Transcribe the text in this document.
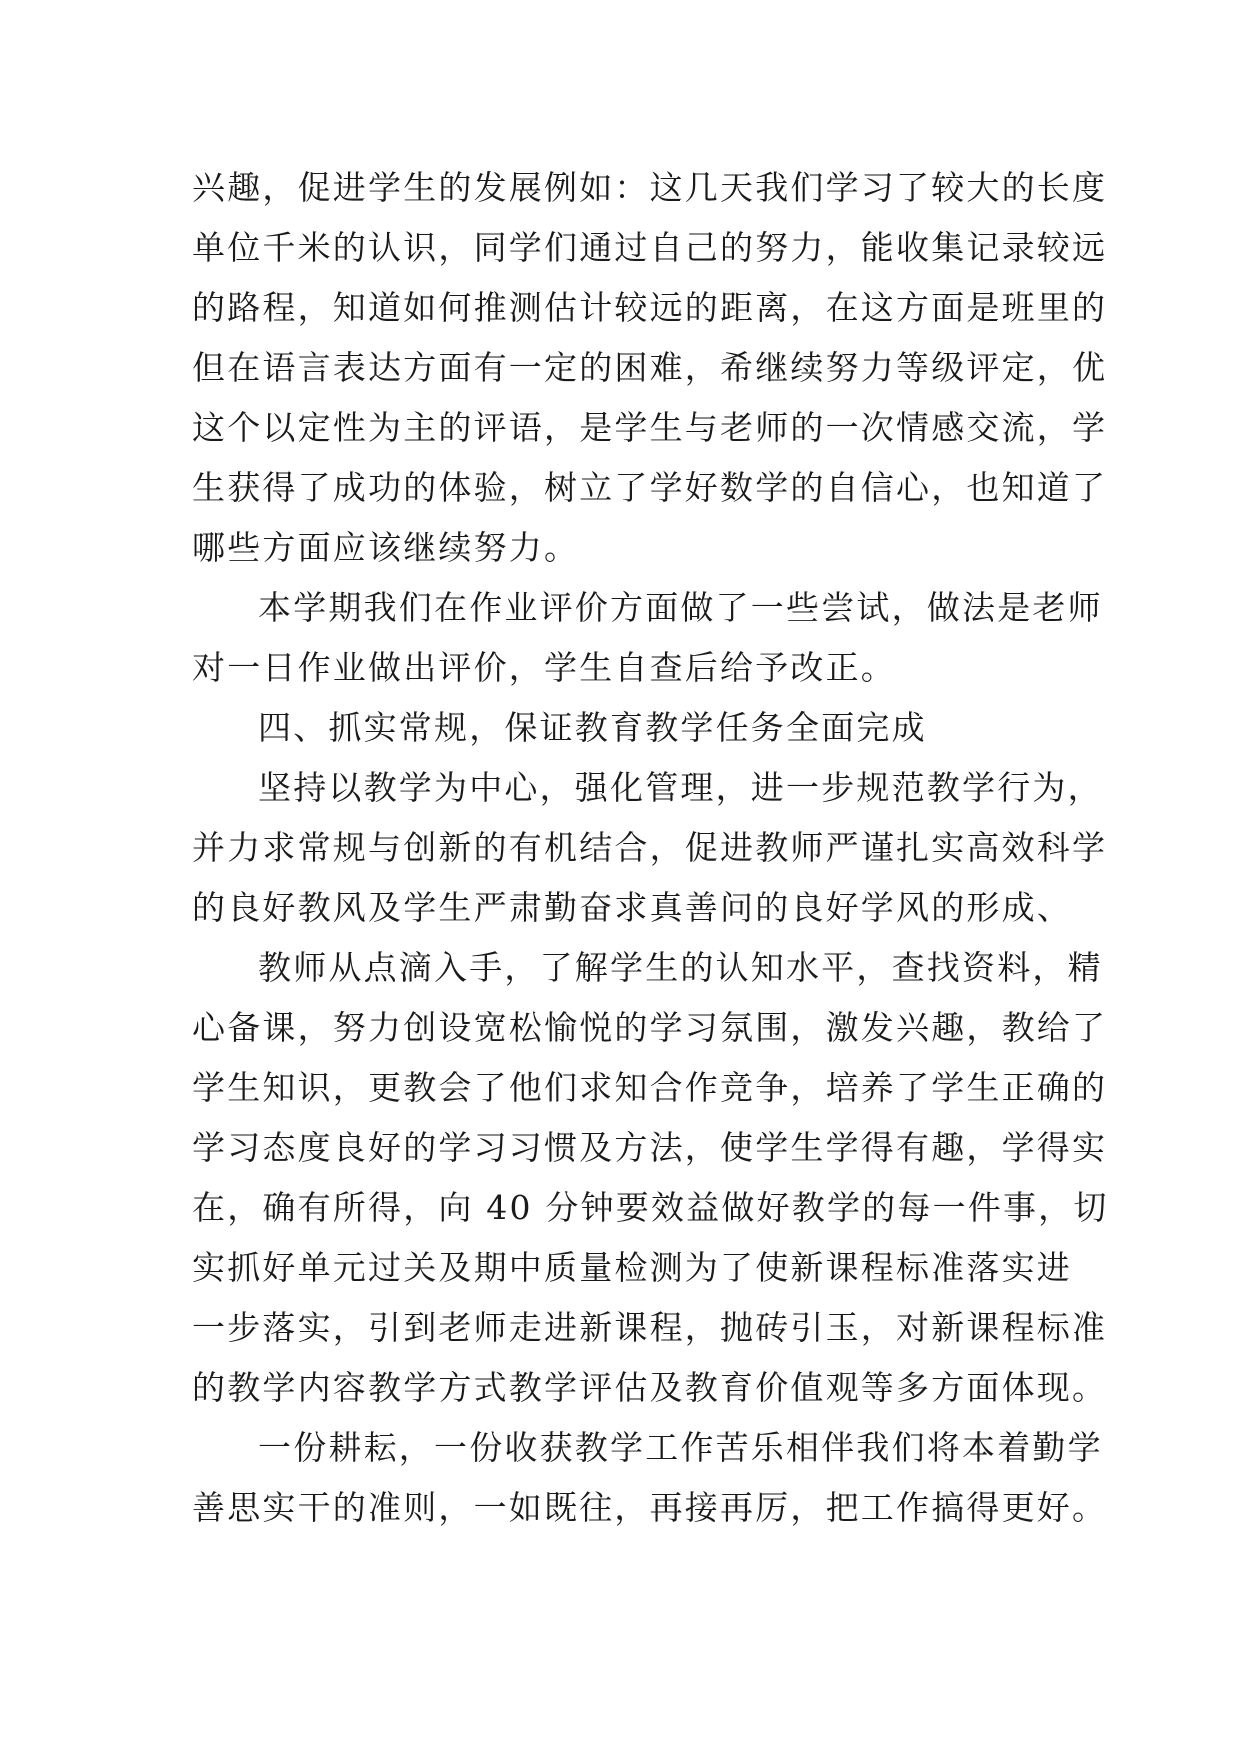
兴趣，促进学生的发展例如：这几天我们学习了较大的长度
单位千米的认识，同学们通过自己的努力，能收集记录较远
的路程，知道如何推测估计较远的距离，在这方面是班里的
但在语言表达方面有一定的困难，希继续努力等级评定，优
这个以定性为主的评语，是学生与老师的一次情感交流，学
生获得了成功的体验，树立了学好数学的自信心，也知道了
哪些方面应该继续努力。
本学期我们在作业评价方面做了一些尝试，做法是老师
对一日作业做出评价，学生自查后给予改正。
四、抓实常规，保证教育教学任务全面完成
坚持以教学为中心，强化管理，进一步规范教学行为，
并力求常规与创新的有机结合，促进教师严谨扎实高效科学
的良好教风及学生严肃勤奋求真善问的良好学风的形成、
教师从点滴入手，了解学生的认知水平，查找资料，精
心备课，努力创设宽松愉悦的学习氛围，激发兴趣，教给了
学生知识，更教会了他们求知合作竞争，培养了学生正确的
学习态度良好的学习习惯及方法，使学生学得有趣，学得实
在，确有所得，向 40 分钟要效益做好教学的每一件事，切
实抓好单元过关及期中质量检测为了使新课程标准落实进
一步落实，引到老师走进新课程，抛砖引玉，对新课程标准
的教学内容教学方式教学评估及教育价值观等多方面体现。
一份耕耘，一份收获教学工作苦乐相伴我们将本着勤学
善思实干的准则，一如既往，再接再厉，把工作搞得更好。
